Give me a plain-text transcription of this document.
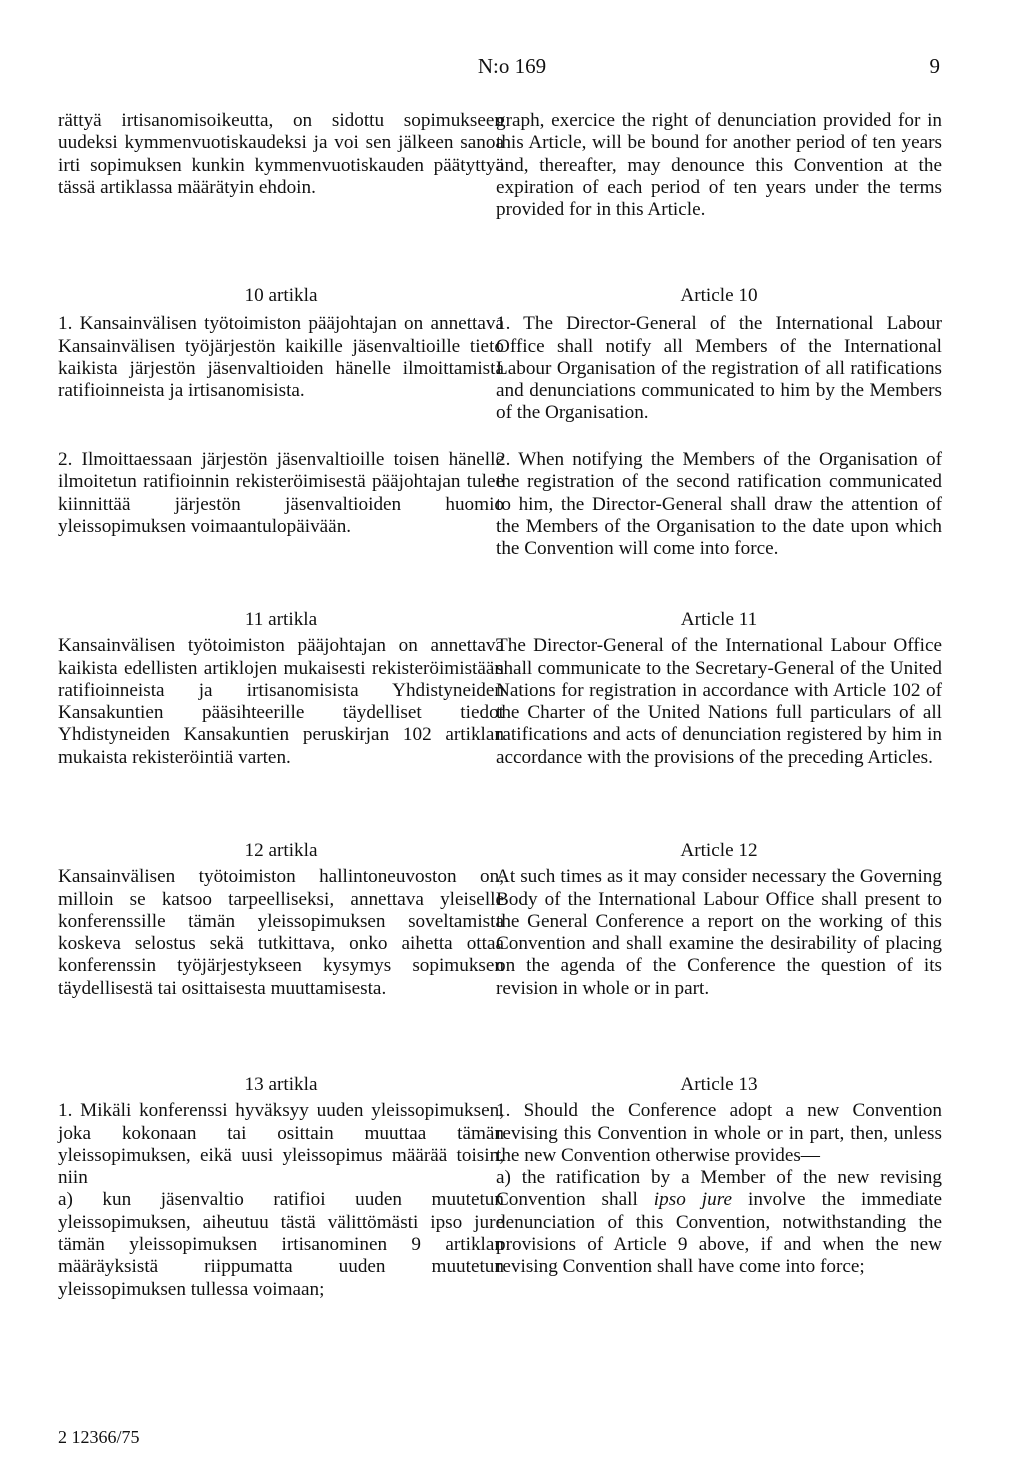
N:o 169	9

rättyä irtisanomisoikeutta, on sidottu sopimukseen uudeksi kymmenvuotiskaudeksi ja voi sen jälkeen sanoa irti sopimuksen kunkin kymmenvuotiskauden päätyttyä tässä artiklassa määrätyin ehdoin.

10 artikla

1. Kansainvälisen työtoimiston pääjohtajan on annettava Kansainvälisen työjärjestön kaikille jäsenvaltioille tieto kaikista järjestön jäsenvaltioiden hänelle ilmoittamista ratifioinneista ja irtisanomisista.

2. Ilmoittaessaan järjestön jäsenvaltioille toisen hänelle ilmoitetun ratifioinnin rekisteröimisestä pääjohtajan tulee kiinnittää järjestön jäsenvaltioiden huomio yleissopimuksen voimaantulopäivään.

11 artikla

Kansainvälisen työtoimiston pääjohtajan on annettava kaikista edellisten artiklojen mukaisesti rekisteröimistään ratifioinneista ja irtisanomisista Yhdistyneiden Kansakuntien pääsihteerille täydelliset tiedot Yhdistyneiden Kansakuntien peruskirjan 102 artiklan mukaista rekisteröintiä varten.

12 artikla

Kansainvälisen työtoimiston hallintoneuvoston on, milloin se katsoo tarpeelliseksi, annettava yleiselle konferenssille tämän yleissopimuksen soveltamista koskeva selostus sekä tutkittava, onko aihetta ottaa konferenssin työjärjestykseen kysymys sopimuksen täydellisestä tai osittaisesta muuttamisesta.

13 artikla

1. Mikäli konferenssi hyväksyy uuden yleissopimuksen, joka kokonaan tai osittain muuttaa tämän yleissopimuksen, eikä uusi yleissopimus määrää toisin, niin

a) kun jäsenvaltio ratifioi uuden muutetun yleissopimuksen, aiheutuu tästä välittömästi ipso jure tämän yleissopimuksen irtisanominen 9 artiklan määräyksistä riippumatta uuden muutetun yleissopimuksen tullessa voimaan;

graph, exercice the right of denunciation provided for in this Article, will be bound for another period of ten years and, thereafter, may denounce this Convention at the expiration of each period of ten years under the terms provided for in this Article.

Article 10

1. The Director-General of the International Labour Office shall notify all Members of the International Labour Organisation of the registration of all ratifications and denunciations communicated to him by the Members of the Organisation.

2. When notifying the Members of the Organisation of the registration of the second ratification communicated to him, the Director-General shall draw the attention of the Members of the Organisation to the date upon which the Convention will come into force.

Article 11

The Director-General of the International Labour Office shall communicate to the Secretary-General of the United Nations for registration in accordance with Article 102 of the Charter of the United Nations full particulars of all ratifications and acts of denunciation registered by him in accordance with the provisions of the preceding Articles.

Article 12

At such times as it may consider necessary the Governing Body of the International Labour Office shall present to the General Conference a report on the working of this Convention and shall examine the desirability of placing on the agenda of the Conference the question of its revision in whole or in part.

Article 13

1. Should the Conference adopt a new Convention revising this Convention in whole or in part, then, unless the new Convention otherwise provides—

a) the ratification by a Member of the new revising Convention shall ipso jure involve the immediate denunciation of this Convention, notwithstanding the provisions of Article 9 above, if and when the new revising Convention shall have come into force;

2 12366/75
